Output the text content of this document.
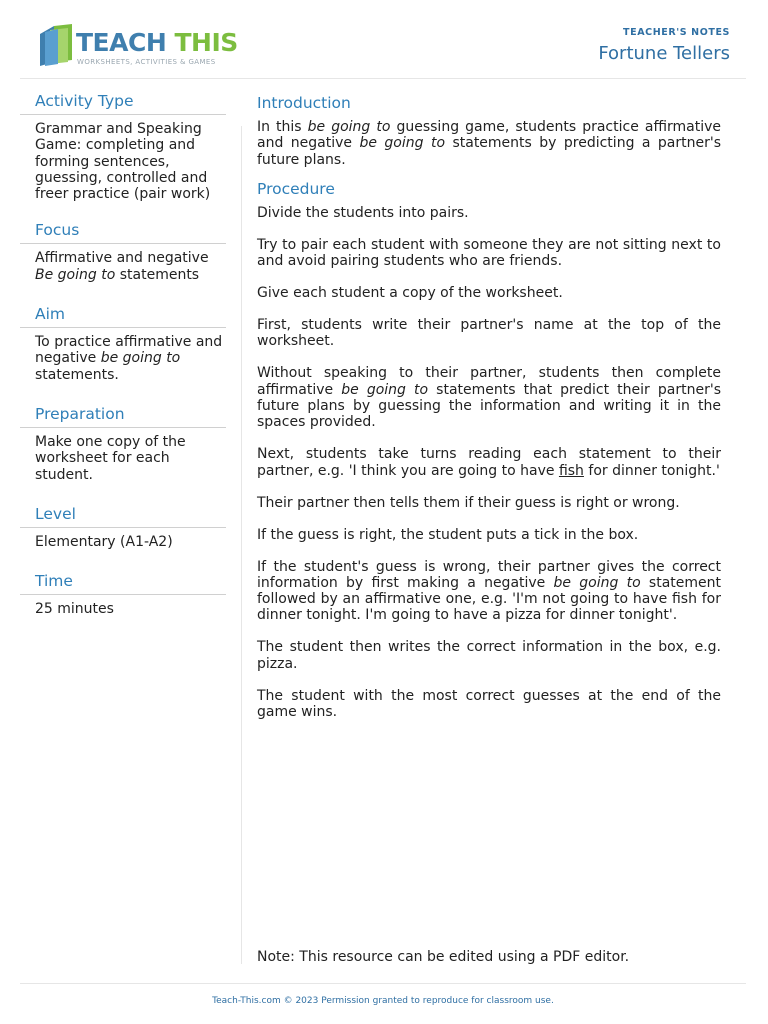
TEACH THIS
WORKSHEETS, ACTIVITIES & GAMES
TEACHER'S NOTES
Fortune Tellers
Activity Type

Grammar and Speaking Game: completing and forming sentences, guessing, controlled and freer practice (pair work)

Focus

Affirmative and negative
Be going to statements

Aim

To practice affirmative and negative be going to statements.

Preparation

Make one copy of the worksheet for each student.

Level

Elementary (A1-A2)

Time

25 minutes

Introduction

In this be going to guessing game, students practice affirmative and negative be going to statements by predicting a partner's future plans.

Procedure

Divide the students into pairs.

Try to pair each student with someone they are not sitting next to and avoid pairing students who are friends.

Give each student a copy of the worksheet.

First, students write their partner's name at the top of the worksheet.

Without speaking to their partner, students then complete affirmative be going to statements that predict their partner's future plans by guessing the information and writing it in the spaces provided.

Next, students take turns reading each statement to their partner, e.g. 'I think you are going to have fish for dinner tonight.'

Their partner then tells them if their guess is right or wrong.

If the guess is right, the student puts a tick in the box.

If the student's guess is wrong, their partner gives the correct information by first making a negative be going to statement followed by an affirmative one, e.g. 'I'm not going to have fish for dinner tonight. I'm going to have a pizza for dinner tonight'.

The student then writes the correct information in the box, e.g. pizza.

The student with the most correct guesses at the end of the game wins.

Note: This resource can be edited using a PDF editor.
Teach-This.com © 2023 Permission granted to reproduce for classroom use.
